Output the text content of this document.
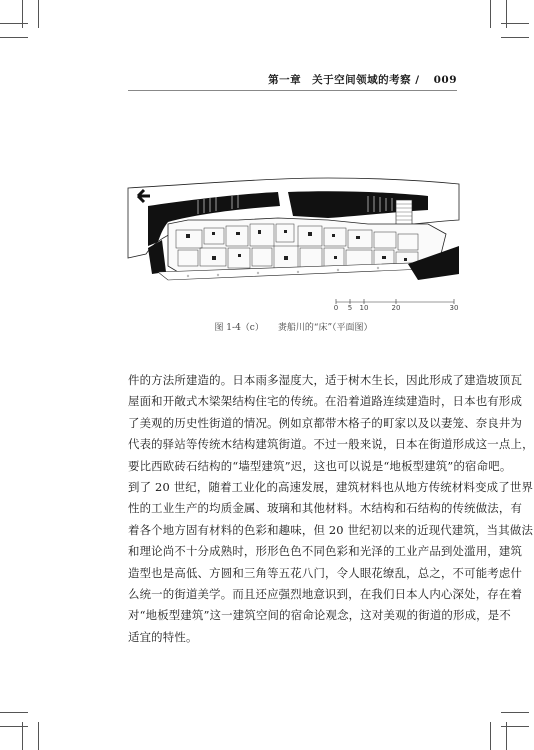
第一章　关于空间领域的考察 / 009
0 5 10	20	30
图 1-4（c） 赉船川的“床”（平面图）
件的方法所建造的。日本雨多湿度大，适于树木生长，因此形成了建造坡顶瓦
屋面和开敞式木梁架结构住宅的传统。在沿着道路连续建造时，日本也有形成
了美观的历史性街道的情况。例如京都带木格子的町家以及以妻笼、奈良井为
代表的驿站等传统木结构建筑街道。不过一般来说，日本在街道形成这一点上，
要比西欧砖石结构的“墙型建筑”迟，这也可以说是“地板型建筑”的宿命吧。
到了 20 世纪，随着工业化的高速发展，建筑材料也从地方传统材料变成了世界
性的工业生产的均质金属、玻璃和其他材料。木结构和石结构的传统做法，有
着各个地方固有材料的色彩和趣味，但 20 世纪初以来的近现代建筑，当其做法
和理论尚不十分成熟时，形形色色不同色彩和光泽的工业产品到处滥用，建筑
造型也是高低、方圆和三角等五花八门，令人眼花缭乱，总之，不可能考虑什
么统一的街道美学。而且还应强烈地意识到，在我们日本人内心深处，存在着
对“地板型建筑”这一建筑空间的宿命论观念，这对美观的街道的形成，是不
适宜的特性。
